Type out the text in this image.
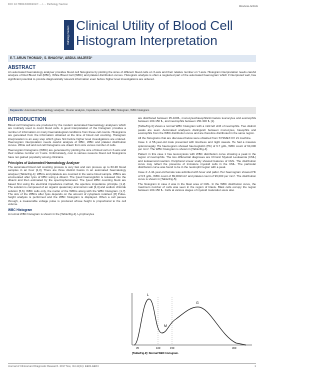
DOI: 10.7860/JCDR/2017/...../..... Pathology Section	Review Article
Pathology Section Clinical Utility of Blood Cell Histogram Interpretation
E.T. ARUN THOMAS¹, S. BHAGYA², ABDUL MAJEED³
ABSTRACT
An automated haematology analyser provides blood cell histograms by plotting the sizes of different blood cells on X-axis and their relative number on Y-axis. Histogram interpretation needs careful analysis of Red Blood Cell (RBC), White Blood Cell (WBC) and platelet distribution curves. Histogram analysis is often a neglected part of the automated haemogram which if interpreted well, has significant potential to provide diagnostically relevant information even before higher level investigations are ordered.
Keywords: Automated haematology analyser, Cluster analysis, Impedance method, RBC histogram, WBC histogram
INTRODUCTION

Blood cell histograms are produced by the modern automated haematology analysers which are routinely used to count blood cells. A good interpretation of the histogram provides a number of information on many haematological conditions from these cell counts. Histograms are generated from the information obtained at the time of blood cell counting. Histogram interpretation is an easy step which gives hint before higher level investigations are ordered. Haemogram interpretation needs careful analysis of RBC, WBC and platelet distribution curves. White cell and red cell histograms are drawn from size versus number of cells.

Haemogram histograms (WBC) are generated by plotting the size of blood cell on X-axis and their relative number on Y-axis. Unfortunately, cost to various reasons blood cell histograms have not gained popularity among clinicians.

Principles of Automated Haematology Analyser

The automated blood cell counting process is very fast and can process up to 60-90 blood samples in an hour [2,3]. There are three distinct basics in an automated haematology analyser [Table/Fig-1]: WBCs and platelets are counted in the same blood sample. WBCs are enumerated after lysis of RBC using a diluent. The lysed haemoglobin is released into the diluent and then estimated by the spectrophotometer. The lysed WBC counting block are based first using the electrical impedance method, the aperture impedance principle. [1,2]. The solution is composed of an organic quaternary ammonium salt [3,4] and sodium chloride solution [5,6]. WBC cells only, the nuclei of the WBCs along with the WBC histogram. [1,7]. The size of the WBCs after lysis depends on the amount of cytoplasm retained. [8] Pulse-height analysis is performed and the WBC histogram is displayed. When a cell passes through, a measurable voltage pulse is produced whose height is proportional to the cell volume.

WBC Histogram

A normal WBC histogram is shown in the [Table/Fig-2]. Lymphocytes

are distributed between 35-100fL, monocytes/basophils/immature leucocytes and eosinophils between 100-150 fL, and neutrophils between 150-300 fL [1].

[Table/Fig-3] shows a normal WBC histogram with a mild left shift of neutrophils. Two distinct peaks are seen. Automated analysers distinguish between monocytes, basophils and eosinophils from the WBC distribution curve and are therefore distributed in the same region.

All the histograms that are discussed below were obtained from SYSMEX KX 21 machine.

Case 1: A 58-year-old male presented with tiredness and night sweats. He had a massive splenomegaly. His haemogram showed haemoglobin (Hb) of 9.7 g/dL, WBC count of 64,000 per mm³. The WBC histogram is shown in [Table/Fig-4].

Pattern in this case 1 has leucocytosis with WBC distribution curve showing a peak in the region of neutrophils. The two differential diagnoses are Chronic Myeloid Leukaemia (CML) and leukaemoid reaction. Peripheral smear study showed features of CML. The distribution curve may reflect the presence of immature myeloid cells in the CML. The particular distribution curve was found to be in the neutrophil region with a peak.

Case 2: A 44-year-old female was admitted with fever and pallor. Her haemogram showed Hb of 9.5 g/dL, WBC count of 89,000/mm³ and platelet count of 96,000 per mm³. The distribution curve is shown in [Table/Fig-5].

The histogram in case 2 was in the blast area of CML. In the WBC distribution curve, the maximum number of cells was seen in the region of blasts. Blast cells occupy the region between 100-150 fL. Cells at various stages of myeloid maturation were also

L
M
G
35	100	150	300
[Table/Fig-2]: Normal WBC histogram.
Journal of Clinical and Diagnostic Research. 2017 Nov, Vol-11(11): EE01-EE04	1
